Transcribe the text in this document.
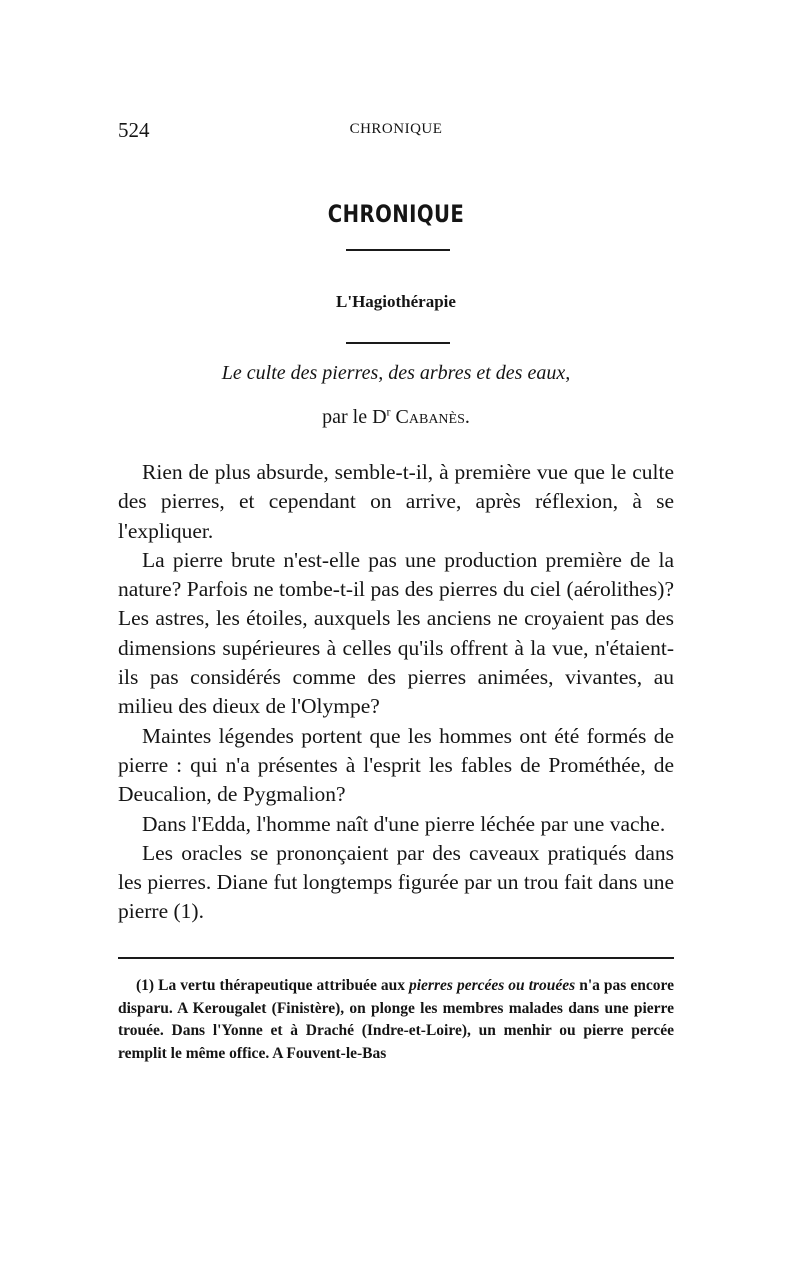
524	CHRONIQUE
CHRONIQUE
L'Hagiothérapie
Le culte des pierres, des arbres et des eaux,
par le $D^r$ Cabanès.

Rien de plus absurde, semble-t-il, à première vue que le culte des pierres, et cependant on arrive, après réflexion, à se l'expliquer.

La pierre brute n'est-elle pas une production première de la nature? Parfois ne tombe-t-il pas des pierres du ciel (aérolithes)? Les astres, les étoiles, auxquels les anciens ne croyaient pas des dimensions supérieures à celles qu'ils offrent à la vue, n'étaient-ils pas considérés comme des pierres animées, vivantes, au milieu des dieux de l'Olympe?

Maintes légendes portent que les hommes ont été formés de pierre : qui n'a présentes à l'esprit les fables de Prométhée, de Deucalion, de Pygmalion?

Dans l'Edda, l'homme naît d'une pierre léchée par une vache.

Les oracles se prononçaient par des caveaux pratiqués dans les pierres. Diane fut longtemps figurée par un trou fait dans une pierre (1).

(1) La vertu thérapeutique attribuée aux pierres percées ou trouées n'a pas encore disparu. A Kerougalet (Finistère), on plonge les membres malades dans une pierre trouée. Dans l'Yonne et à Draché (Indre-et-Loire), un menhir ou pierre percée remplit le même office. A Fouvent-le-Bas
